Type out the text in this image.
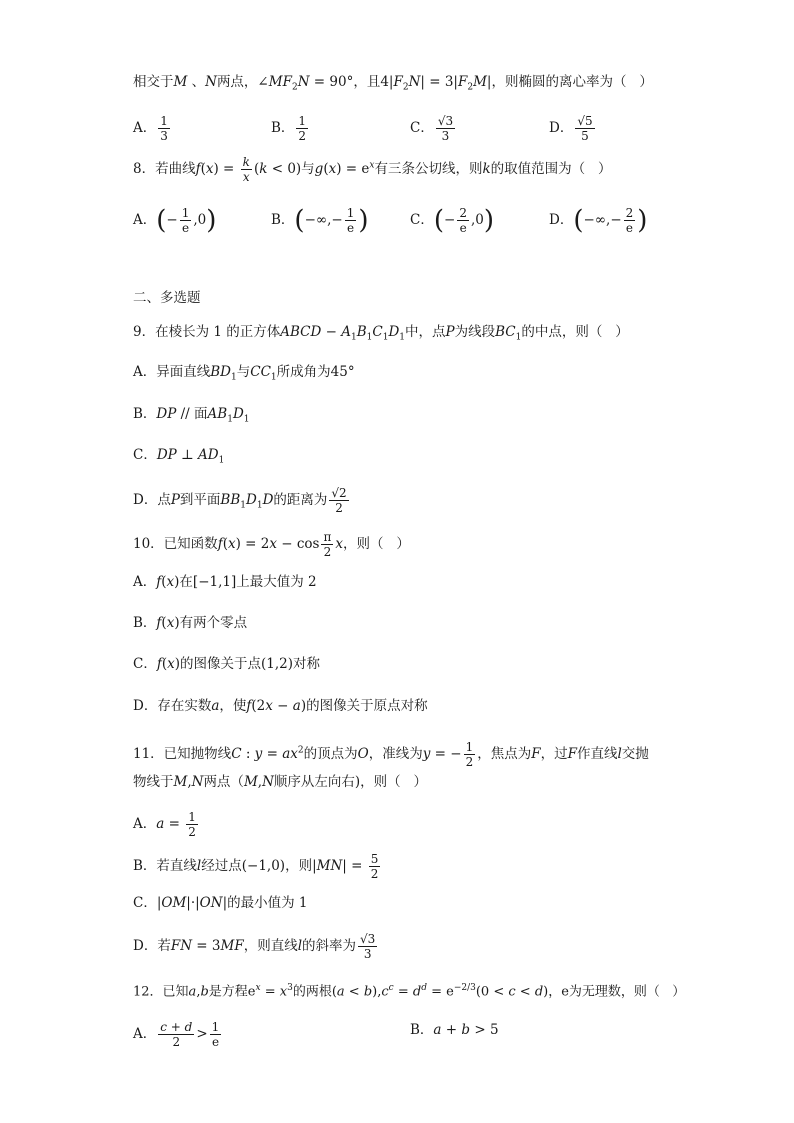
相交于M 、N两点，$\angle MF_2N = 90^\circ$，且$4|F_2N| = 3|F_2M|$，则椭圆的离心率为（   ）
A． $\frac{1}{3}$	B． $\frac{1}{2}$	C． $\frac{√3}{3}$	D． $\frac{√5}{5}$
8．若曲线$f(x) = \frac{k}{x} (k < 0)$与$g(x) = e^x$有三条公切线，则k的取值范围为（   ）
A．(− $\frac{1}{e} ,0$)	B．(−∞,− $\frac{1}{e}$ )	C．(− $\frac{2}{e} ,0$)	D．(−∞,− $\frac{2}{e}$ )
二、多选题
9．在棱长为 1 的正方体ABCD − $A_1B_1C_1D_1$中，点P为线段$BC_1$的中点，则（   ）
A．异面直线$BD_1$与$CC_1$所成角为45°
B．DP // 面$AB_1D_1$
C．DP ⊥ $AD_1$
D．点P到平面$BB_1D_1D$的距离为 $\frac{√2}{2}$
10．已知函数$f(x) = 2x - \cos \frac{\pi}{2}$ x，则（   ）
A．f(x)在[−1,1]上最大值为 2
B．f(x)有两个零点
C．f(x)的图像关于点(1,2)对称
D．存在实数a，使f(2x − a)的图像关于原点对称
11．已知抛物线C : $y = ax^2$的顶点为O，准线为y = − $\frac{1}{2}$ ，焦点为F，过F作直线l交抛
物线于M,N两点（M,N顺序从左向右)，则（   ）
A．$a = \frac{1}{2}$
B．若直线l经过点(−1,0)，则$|MN| = \frac{5}{2}$
C．|OM|·|ON|的最小值为 1
D．若FN = 3MF，则直线l的斜率为 $\frac{√3}{3}$
12．已知a,b是方程$e^x = x^3$的两根$(a < b),c^c = d^d = e^{-2/3}(0 < c < d)$，e为无理数，则（   ）
A． $\frac{c + d}{2} > \frac{1}{e}$	B．a + b > 5
